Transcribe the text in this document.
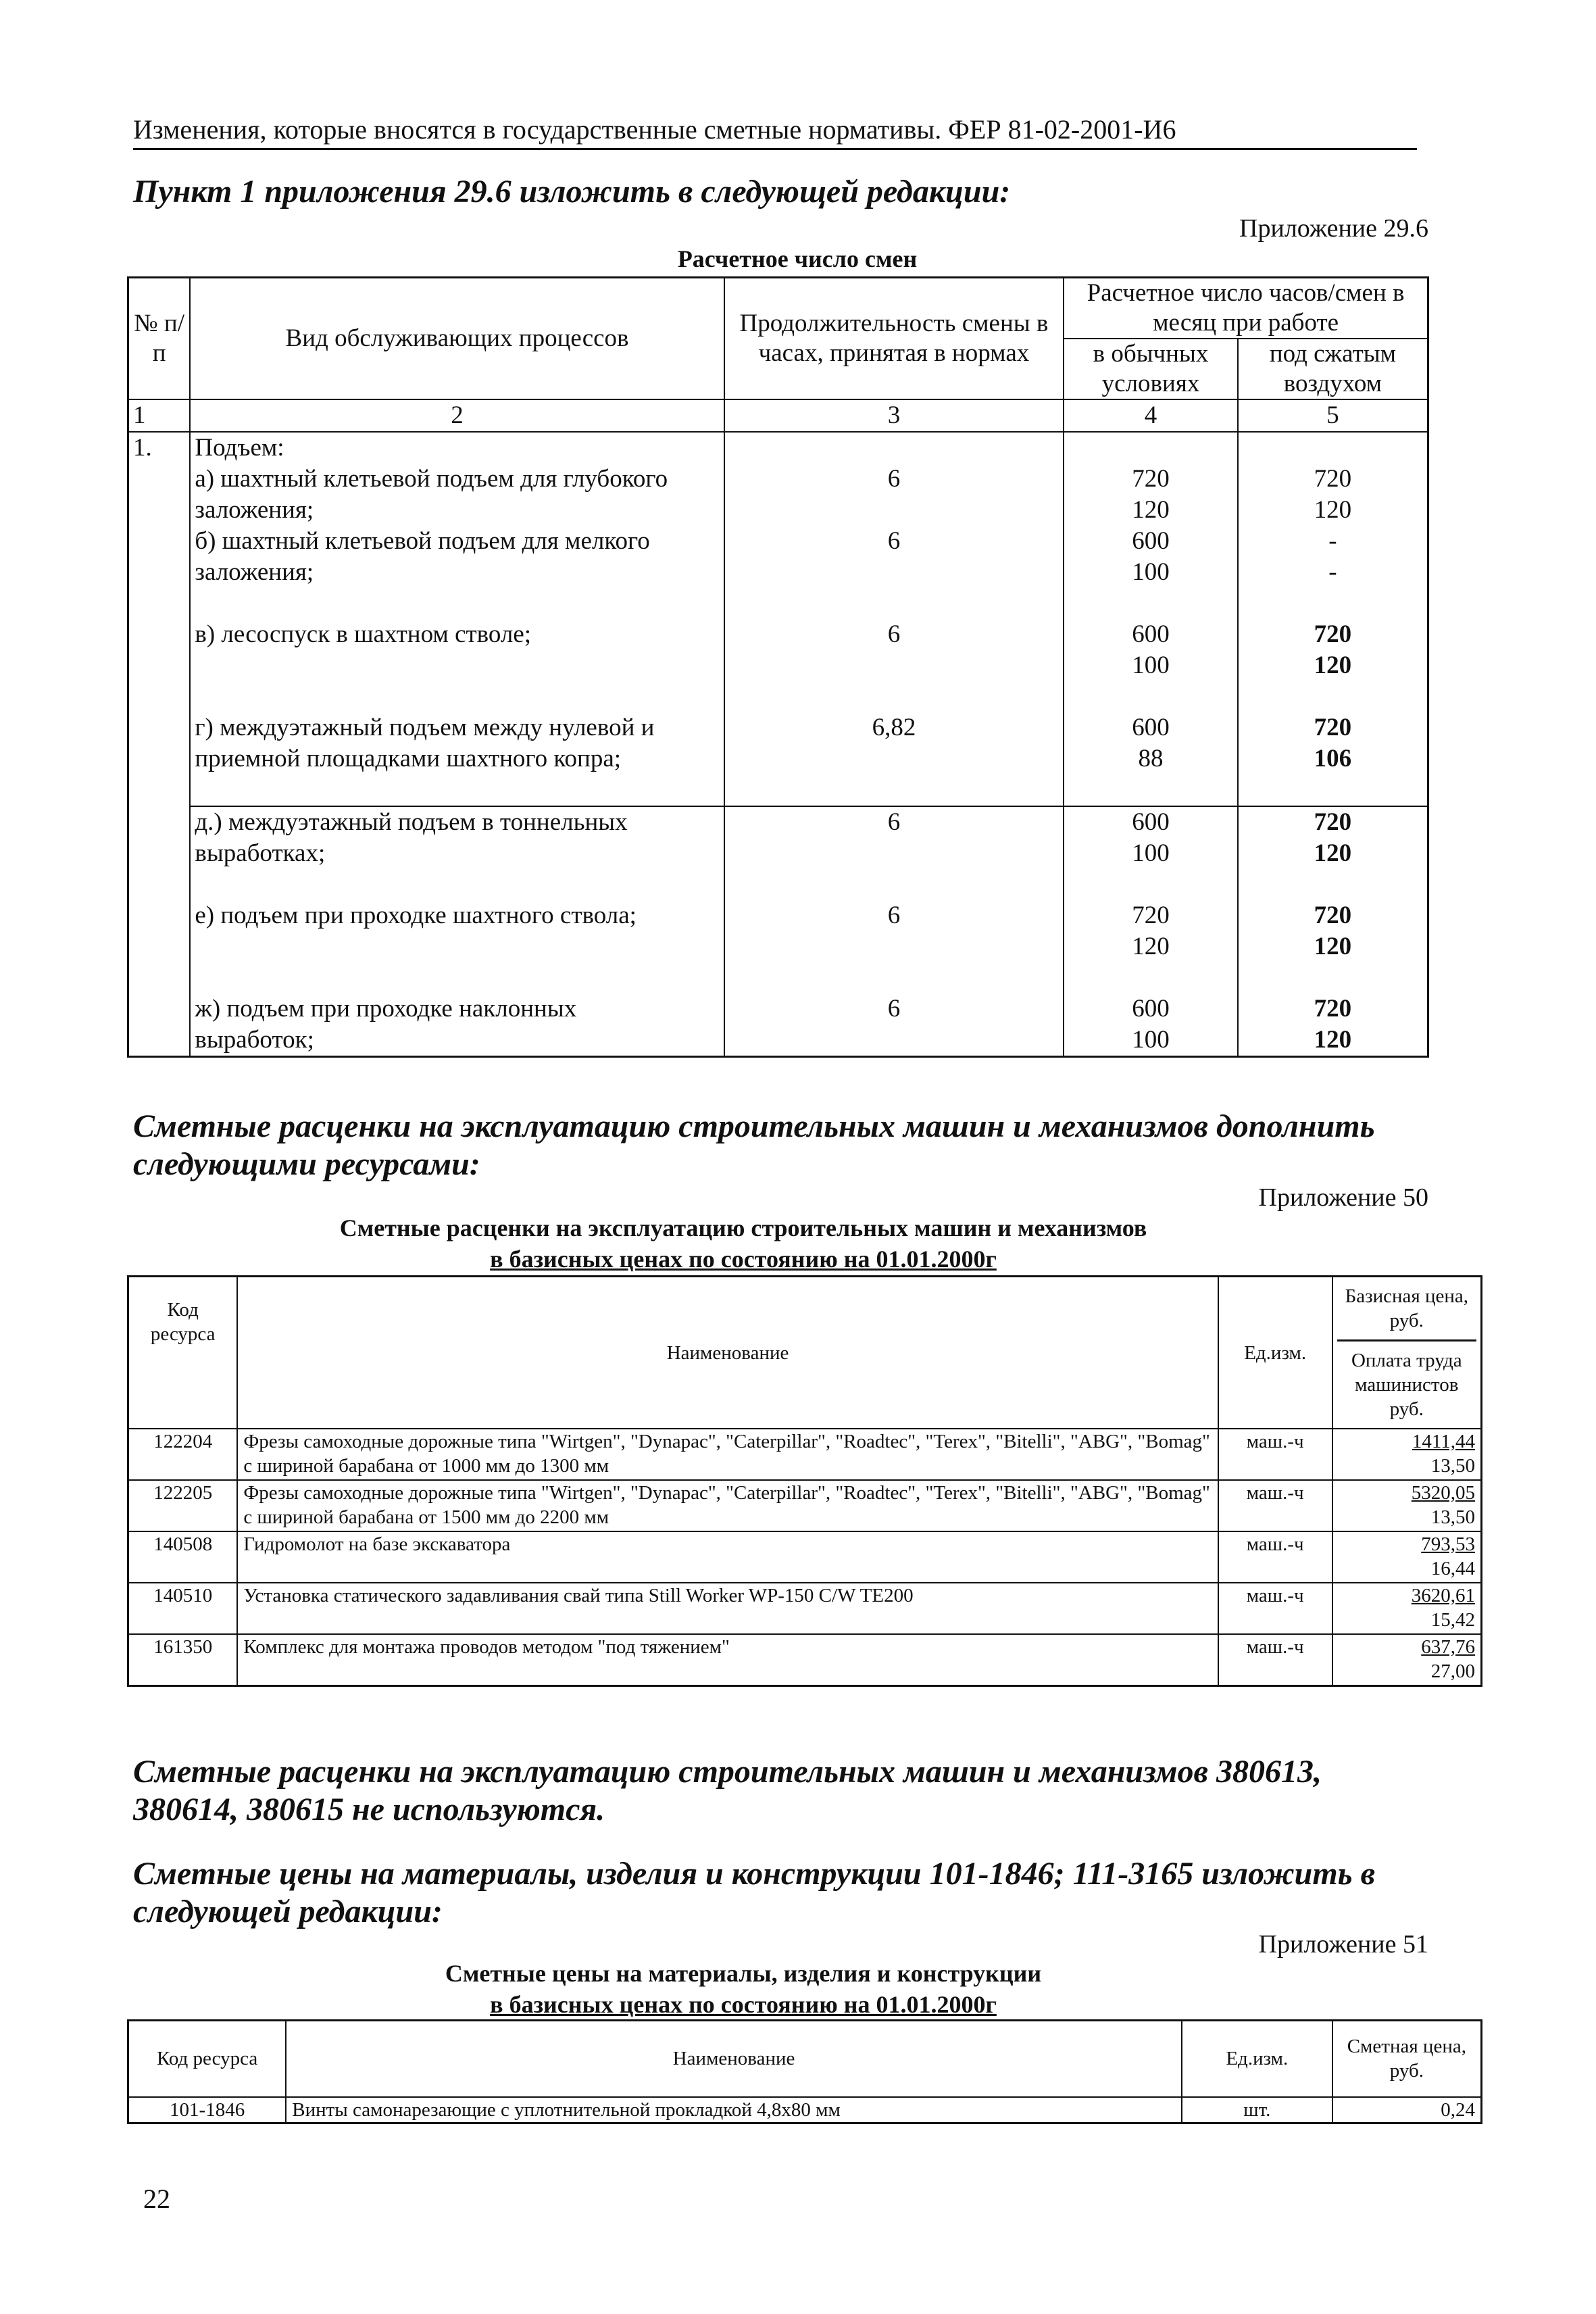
Изменения, которые вносятся в государственные сметные нормативы. ФЕР 81-02-2001-И6
Пункт 1 приложения 29.6 изложить в следующей редакции:
Приложение 29.6
Расчетное число смен
№ п/п	Вид обслуживающих процессов	Продолжительность смены в часах, принятая в нормах	Расчетное число часов/смен в месяц при работе	
			в обычных условиях	под сжатым воздухом
1	2	3	4	5
1.	Подъем:			
	а) шахтный клетьевой подъем для глубокого	6	720	720
	заложения;		120	120
	б) шахтный клетьевой подъем для мелкого	6	600	-
	заложения;		100	-

	в) лесоспуск в шахтном стволе;	6	600	720
			100	120

	г) междуэтажный подъем между нулевой и	6,82	600	720
	приемной площадками шахтного копра;		88	106

	д.) междуэтажный подъем в тоннельных	6	600	720
	выработках;		100	120

	е) подъем при проходке шахтного ствола;	6	720	720
			120	120

	ж) подъем при проходке наклонных	6	600	720
	выработок;		100	120
Сметные расценки на эксплуатацию строительных машин и механизмов дополнить следующими ресурсами:
Приложение 50
Сметные расценки на эксплуатацию строительных машин и механизмов
в базисных ценах по состоянию на 01.01.2000г
Код ресурса	Наименование	Ед.изм.	Базисная цена, руб.
Оплата труда машинистов руб.

122204	Фрезы самоходные дорожные типа "Wirtgen", "Dynapac", "Caterpillar", "Roadtec", "Terex", "Bitelli", "ABG", "Bomag" с шириной барабана от 1000 мм до 1300 мм	маш.-ч	1411,44
13,50

122205	Фрезы самоходные дорожные типа "Wirtgen", "Dynapac", "Caterpillar", "Roadtec", "Terex", "Bitelli", "ABG", "Bomag" с шириной барабана от 1500 мм до 2200 мм	маш.-ч	5320,05
13,50

140508	Гидромолот на базе экскаватора	маш.-ч	793,53
16,44

140510	Установка статического задавливания свай типа Still Worker WP-150 C/W TE200	маш.-ч	3620,61
15,42

161350	Комплекс для монтажа проводов методом "под тяжением"	маш.-ч	637,76
27,00
Сметные расценки на эксплуатацию строительных машин и механизмов 380613, 380614, 380615 не используются.
Сметные цены на материалы, изделия и конструкции 101-1846; 111-3165 изложить в следующей редакции:
Приложение 51
Сметные цены на материалы, изделия и конструкции
в базисных ценах по состоянию на 01.01.2000г
Код ресурса	Наименование	Ед.изм.	Сметная цена, руб.
101-1846	Винты самонарезающие с уплотнительной прокладкой 4,8x80 мм	шт.	0,24
22
